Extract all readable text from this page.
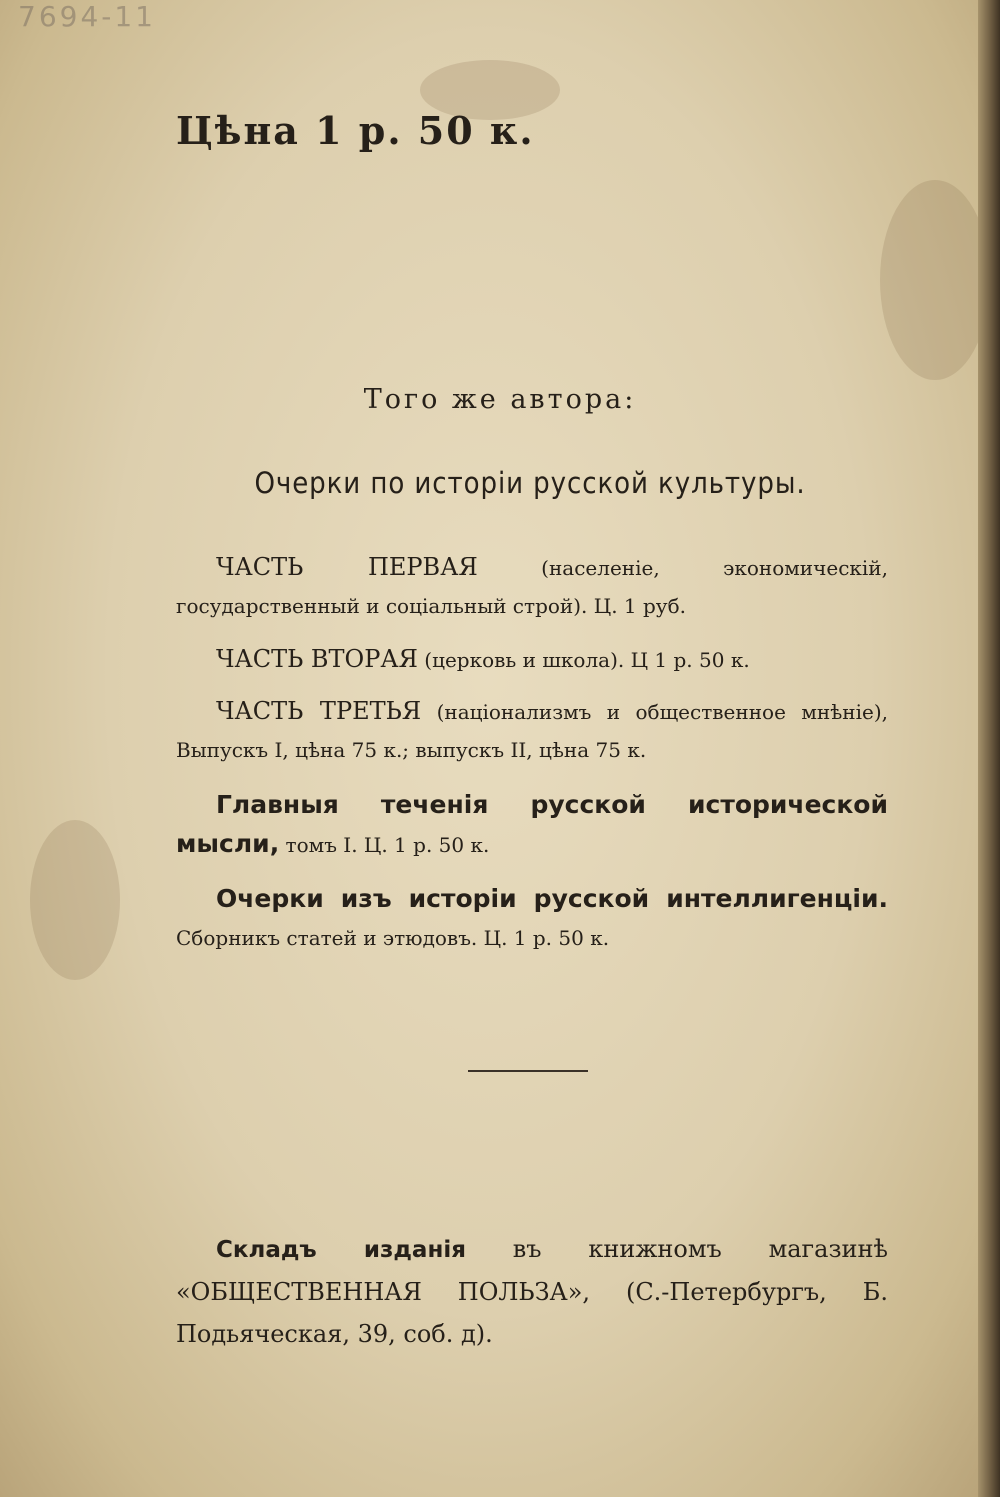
7694-11
Цѣна 1 р. 50 к.
Того же автора:
Очерки по исторіи русской культуры.
ЧАСТЬ ПЕРВАЯ (населеніе, экономическій, государственный и соціальный строй). Ц. 1 руб.
ЧАСТЬ ВТОРАЯ (церковь и школа). Ц 1 р. 50 к.
ЧАСТЬ ТРЕТЬЯ (націонализмъ и общественное мнѣніе), Выпускъ I, цѣна 75 к.; выпускъ II, цѣна 75 к.
Главныя теченія русской исторической мысли, томъ I. Ц. 1 р. 50 к.
Очерки изъ исторіи русской интеллигенціи. Сборникъ статей и этюдовъ. Ц. 1 р. 50 к.
Складъ изданія въ книжномъ магазинѣ «ОБЩЕСТВЕННАЯ ПОЛЬЗА», (С.-Петербургъ, Б. Подьяческая, 39, соб. д).
